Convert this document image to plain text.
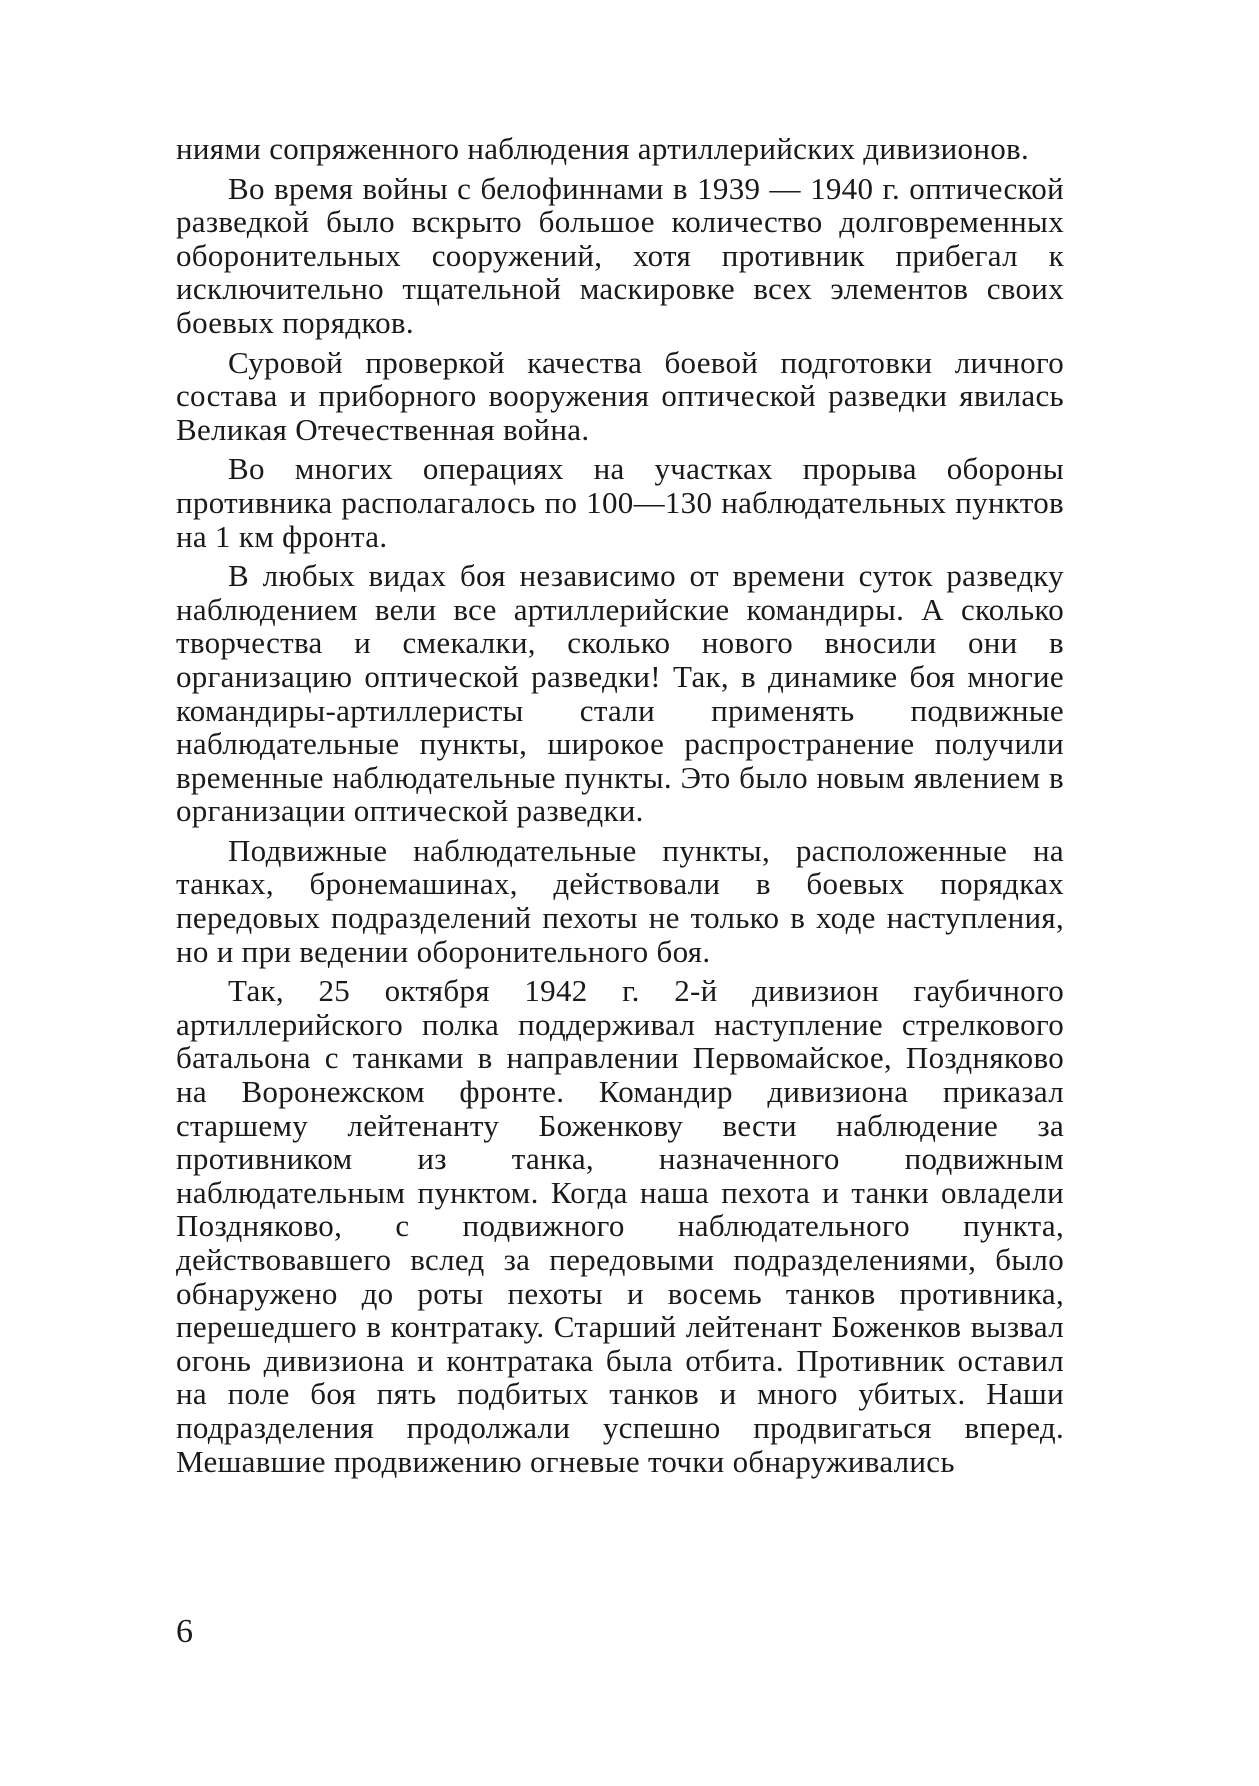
ниями сопряженного наблюдения артиллерийских дивизионов.

Во время войны с белофиннами в 1939 — 1940 г. оптической разведкой было вскрыто большое количество долговременных оборонительных сооружений, хотя противник прибегал к исключительно тщательной маскировке всех элементов своих боевых порядков.

Суровой проверкой качества боевой подготовки личного состава и приборного вооружения оптической разведки явилась Великая Отечественная война.

Во многих операциях на участках прорыва обороны противника располагалось по 100—130 наблюдательных пунктов на 1 км фронта.

В любых видах боя независимо от времени суток разведку наблюдением вели все артиллерийские командиры. А сколько творчества и смекалки, сколько нового вносили они в организацию оптической разведки! Так, в динамике боя многие командиры-артиллеристы стали применять подвижные наблюдательные пункты, широкое распространение получили временные наблюдательные пункты. Это было новым явлением в организации оптической разведки.

Подвижные наблюдательные пункты, расположенные на танках, бронемашинах, действовали в боевых порядках передовых подразделений пехоты не только в ходе наступления, но и при ведении оборонительного боя.

Так, 25 октября 1942 г. 2-й дивизион гаубичного артиллерийского полка поддерживал наступление стрелкового батальона с танками в направлении Первомайское, Поздняково на Воронежском фронте. Командир дивизиона приказал старшему лейтенанту Боженкову вести наблюдение за противником из танка, назначенного подвижным наблюдательным пунктом. Когда наша пехота и танки овладели Поздняково, с подвижного наблюдательного пункта, действовавшего вслед за передовыми подразделениями, было обнаружено до роты пехоты и восемь танков противника, перешедшего в контратаку. Старший лейтенант Боженков вызвал огонь дивизиона и контратака была отбита. Противник оставил на поле боя пять подбитых танков и много убитых. Наши подразделения продолжали успешно продвигаться вперед. Мешавшие продвижению огневые точки обнаруживались

6
